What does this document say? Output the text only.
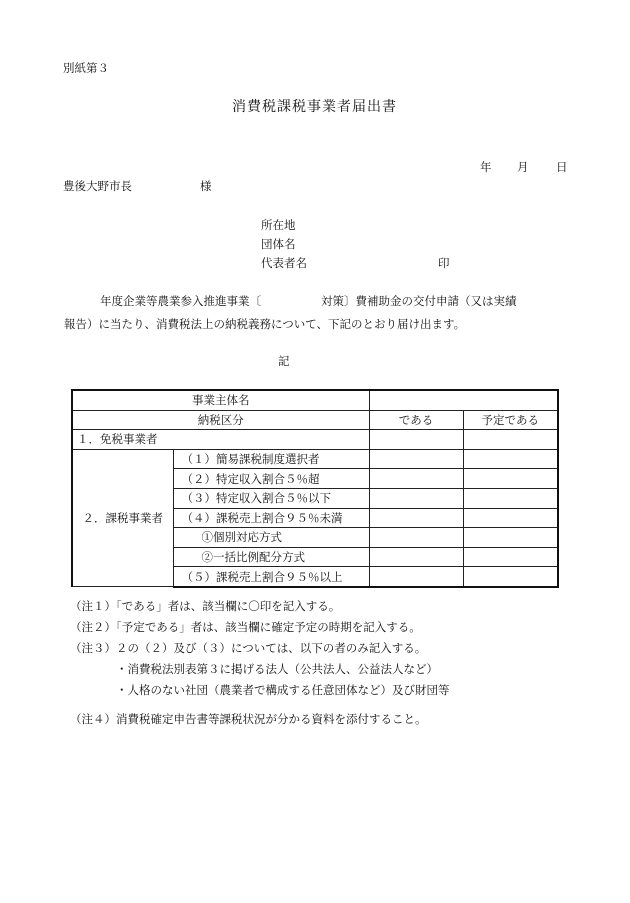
別紙第３
消費税課税事業者届出書
年 月 日
豊後大野市長	様
所在地
団体名
代表者名	印
年度企業等農業参入推進事業〔	対策〕費補助金の交付申請（又は実績
報告）に当たり、消費税法上の納税義務について、下記のとおり届け出ます。
記
事業主体名			
納税区分		である	予定である
１．免税事業者			
２．課税事業者	（１）簡易課税制度選択者		
	（２）特定収入割合５％超		
	（３）特定収入割合５％以下		
	（４）課税売上割合９５％未満		
	①個別対応方式		
	②一括比例配分方式		
	（５）課税売上割合９５％以上		
（注１）「である」者は、該当欄に〇印を記入する。
（注２）「予定である」者は、該当欄に確定予定の時期を記入する。
（注３）２の（２）及び（３）については、以下の者のみ記入する。
・消費税法別表第３に掲げる法人（公共法人、公益法人など）
・人格のない社団（農業者で構成する任意団体など）及び財団等
（注４）消費税確定申告書等課税状況が分かる資料を添付すること。
